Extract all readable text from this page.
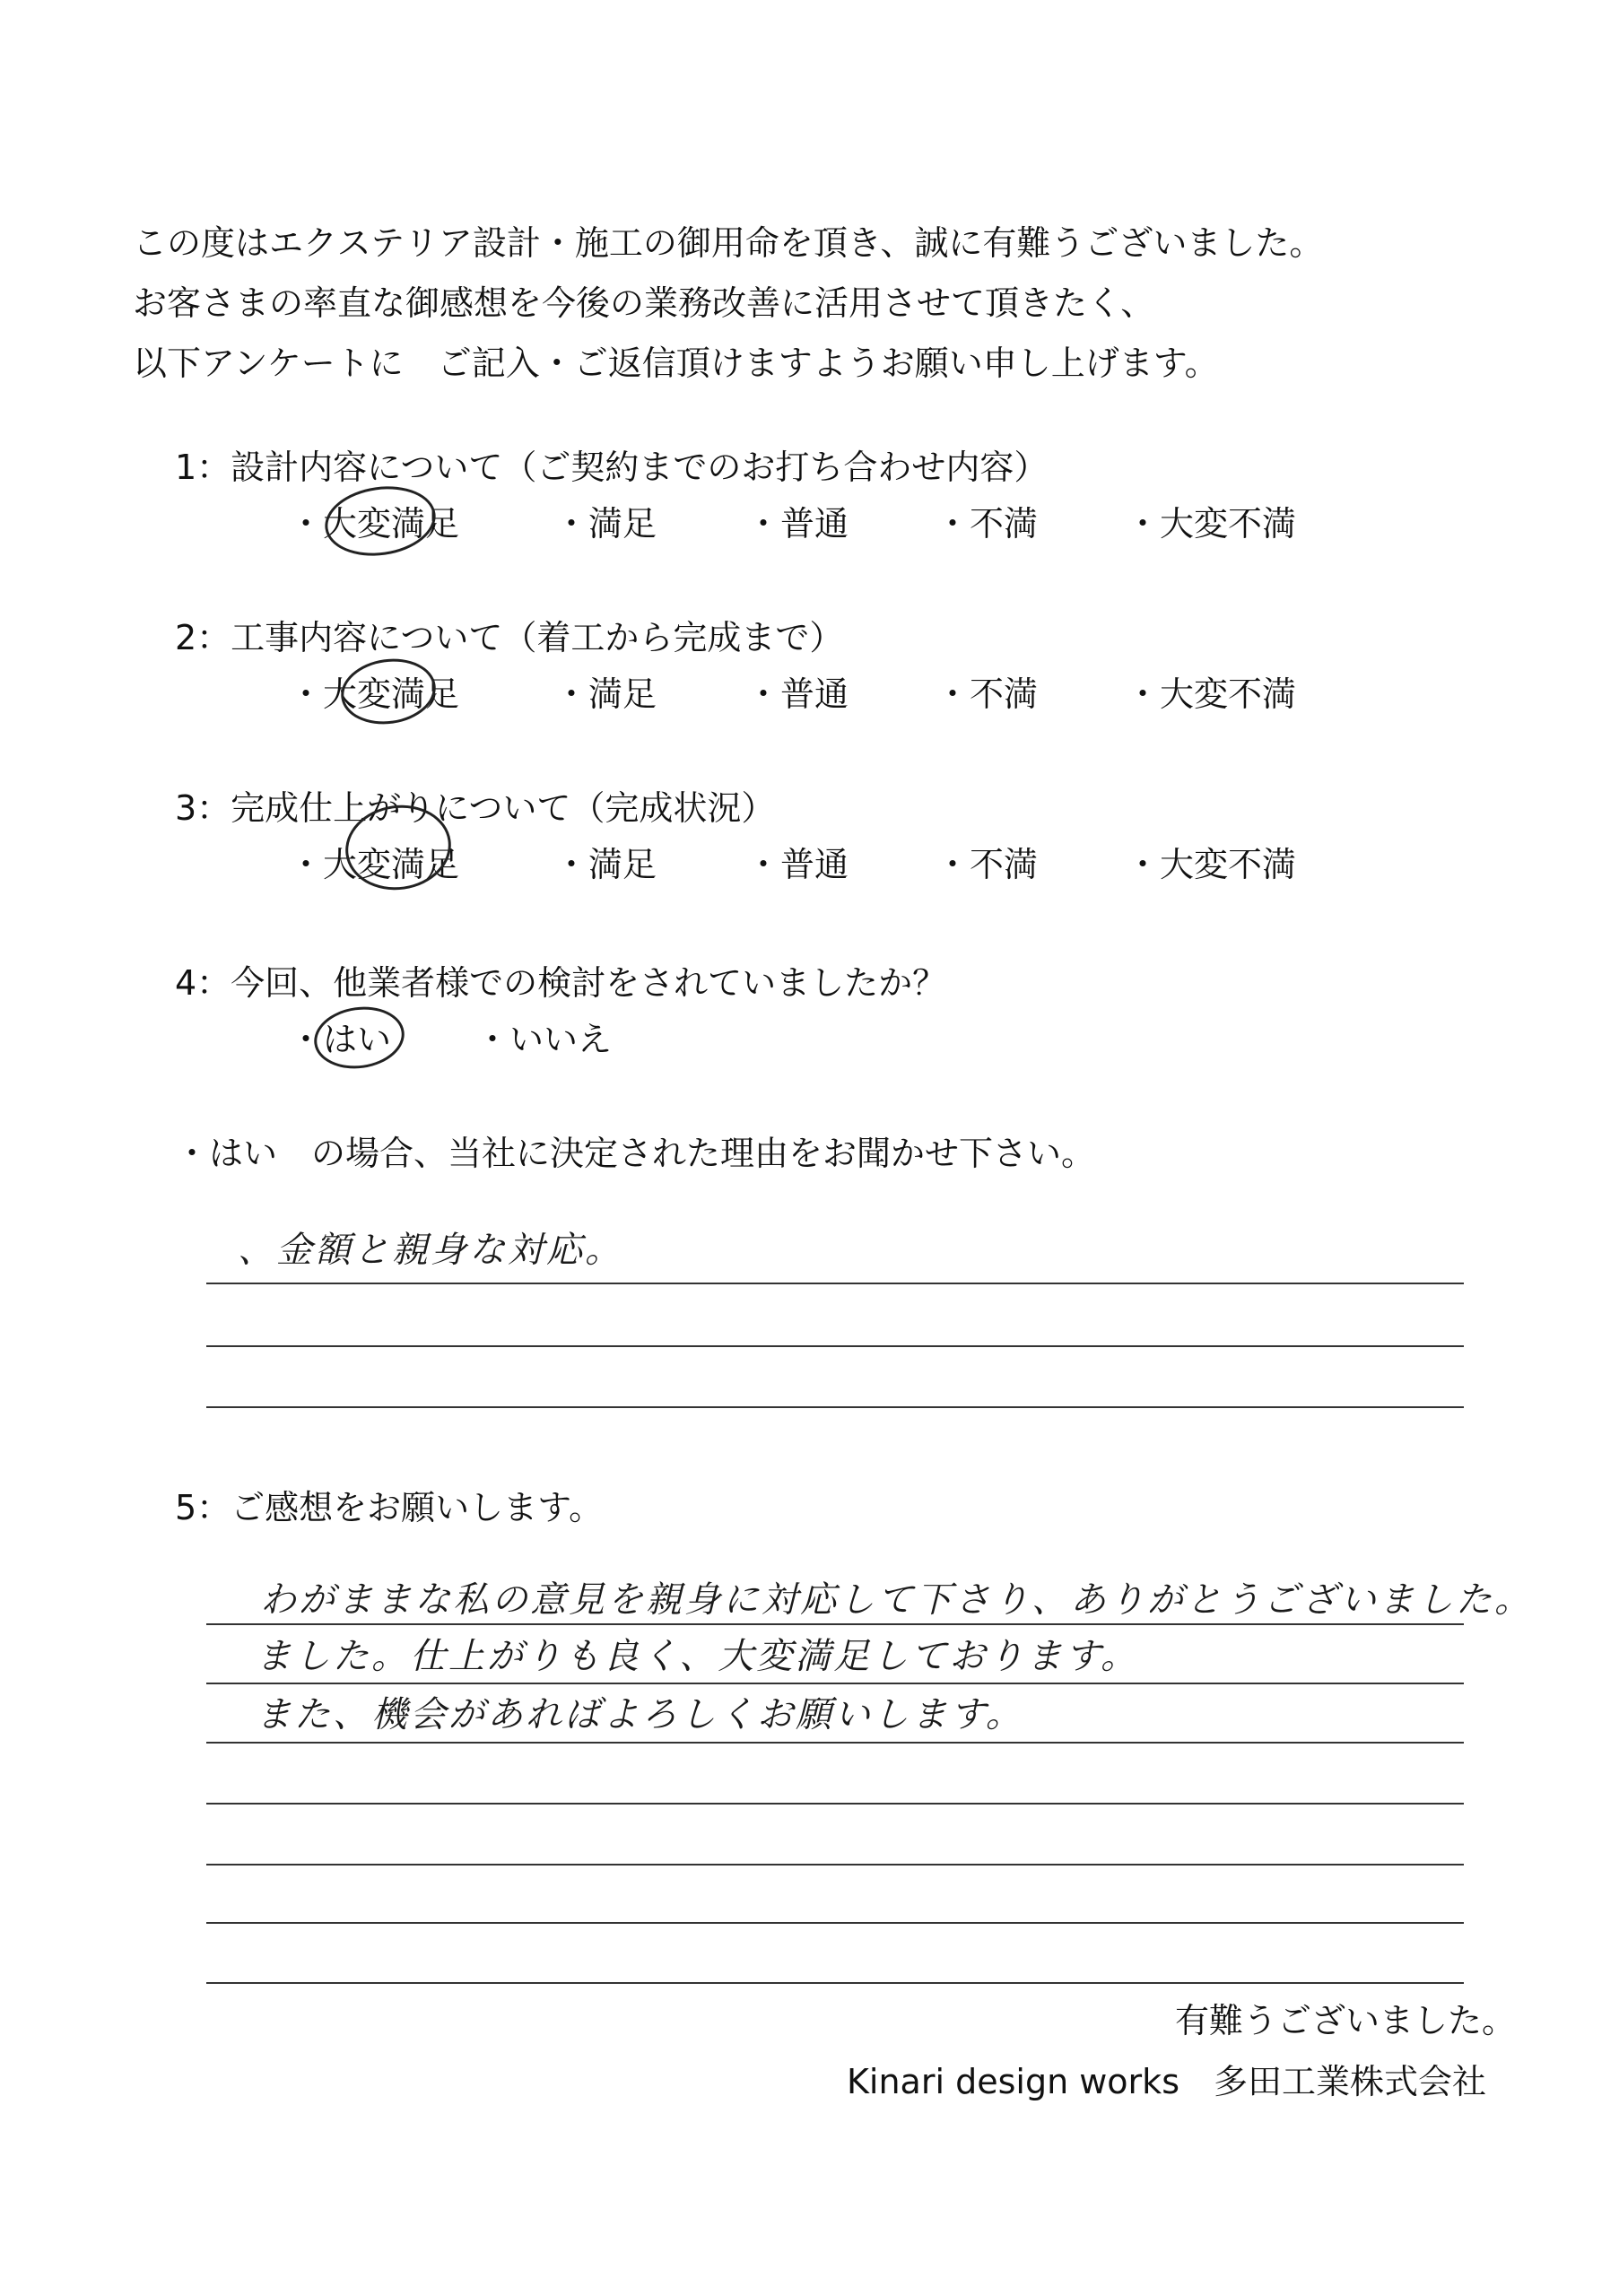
この度はエクステリア設計・施工の御用命を頂き、誠に有難うございました。
お客さまの率直な御感想を今後の業務改善に活用させて頂きたく、
以下アンケートに　ご記入・ご返信頂けますようお願い申し上げます。
1：設計内容について（ご契約までのお打ち合わせ内容）
・大変満足	・満足	・普通	・不満	・大変不満
2：工事内容について（着工から完成まで）
・大変満足	・満足	・普通	・不満	・大変不満
3：完成仕上がりについて（完成状況）
・大変満足	・満足	・普通	・不満	・大変不満
4：今回、他業者様での検討をされていましたか？
・はい ・いいえ
・はい　の場合、当社に決定された理由をお聞かせ下さい。
、金額と親身な対応。
5：ご感想をお願いします。
わがままな私の意見を親身に対応して下さり、ありがとうございました。
ました。仕上がりも良く、大変満足しております。
また、機会があればよろしくお願いします。
有難うございました。
Kinari design works　多田工業株式会社
